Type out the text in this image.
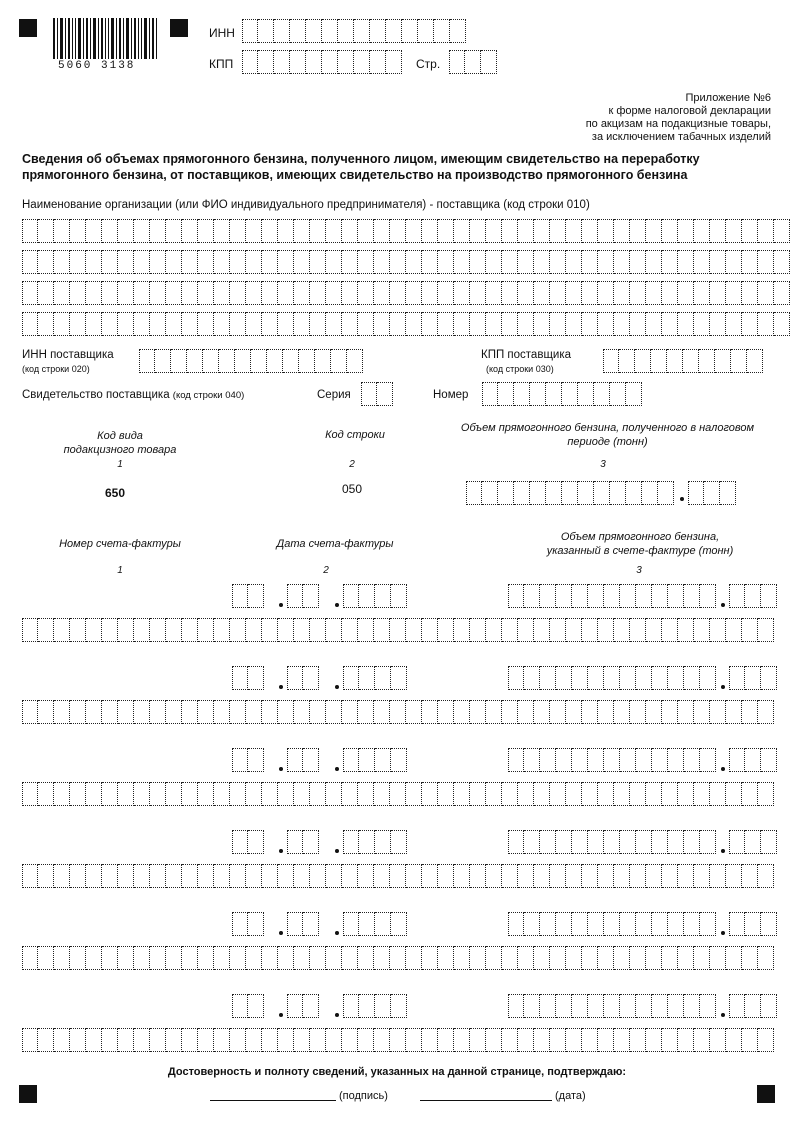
5060 3138
ИНН
КПП	Стр.
Приложение №6
к форме налоговой декларации
по акцизам на подакцизные товары,
за исключением табачных изделий
Сведения об объемах прямогонного бензина, полученного лицом, имеющим свидетельство на переработку
прямогонного бензина, от поставщиков, имеющих свидетельство на производство прямогонного бензина
Наименование организации (или ФИО индивидуального предпринимателя) - поставщика (код строки 010)
ИНН поставщика
(код строки 020)
КПП поставщика
(код строки 030)
Свидетельство поставщика (код строки 040)	Серия	Номер
Код вида
подакцизного товара
Код строки
Объем прямогонного бензина, полученного в налоговом
периоде (тонн)
1	2	3
650	050
Номер счета-фактуры	Дата счета-фактуры
Объем прямогонного бензина,
указанный в счете-фактуре (тонн)
1	2	3
Достоверность и полноту сведений, указанных на данной странице, подтверждаю:
(подпись)	(дата)
